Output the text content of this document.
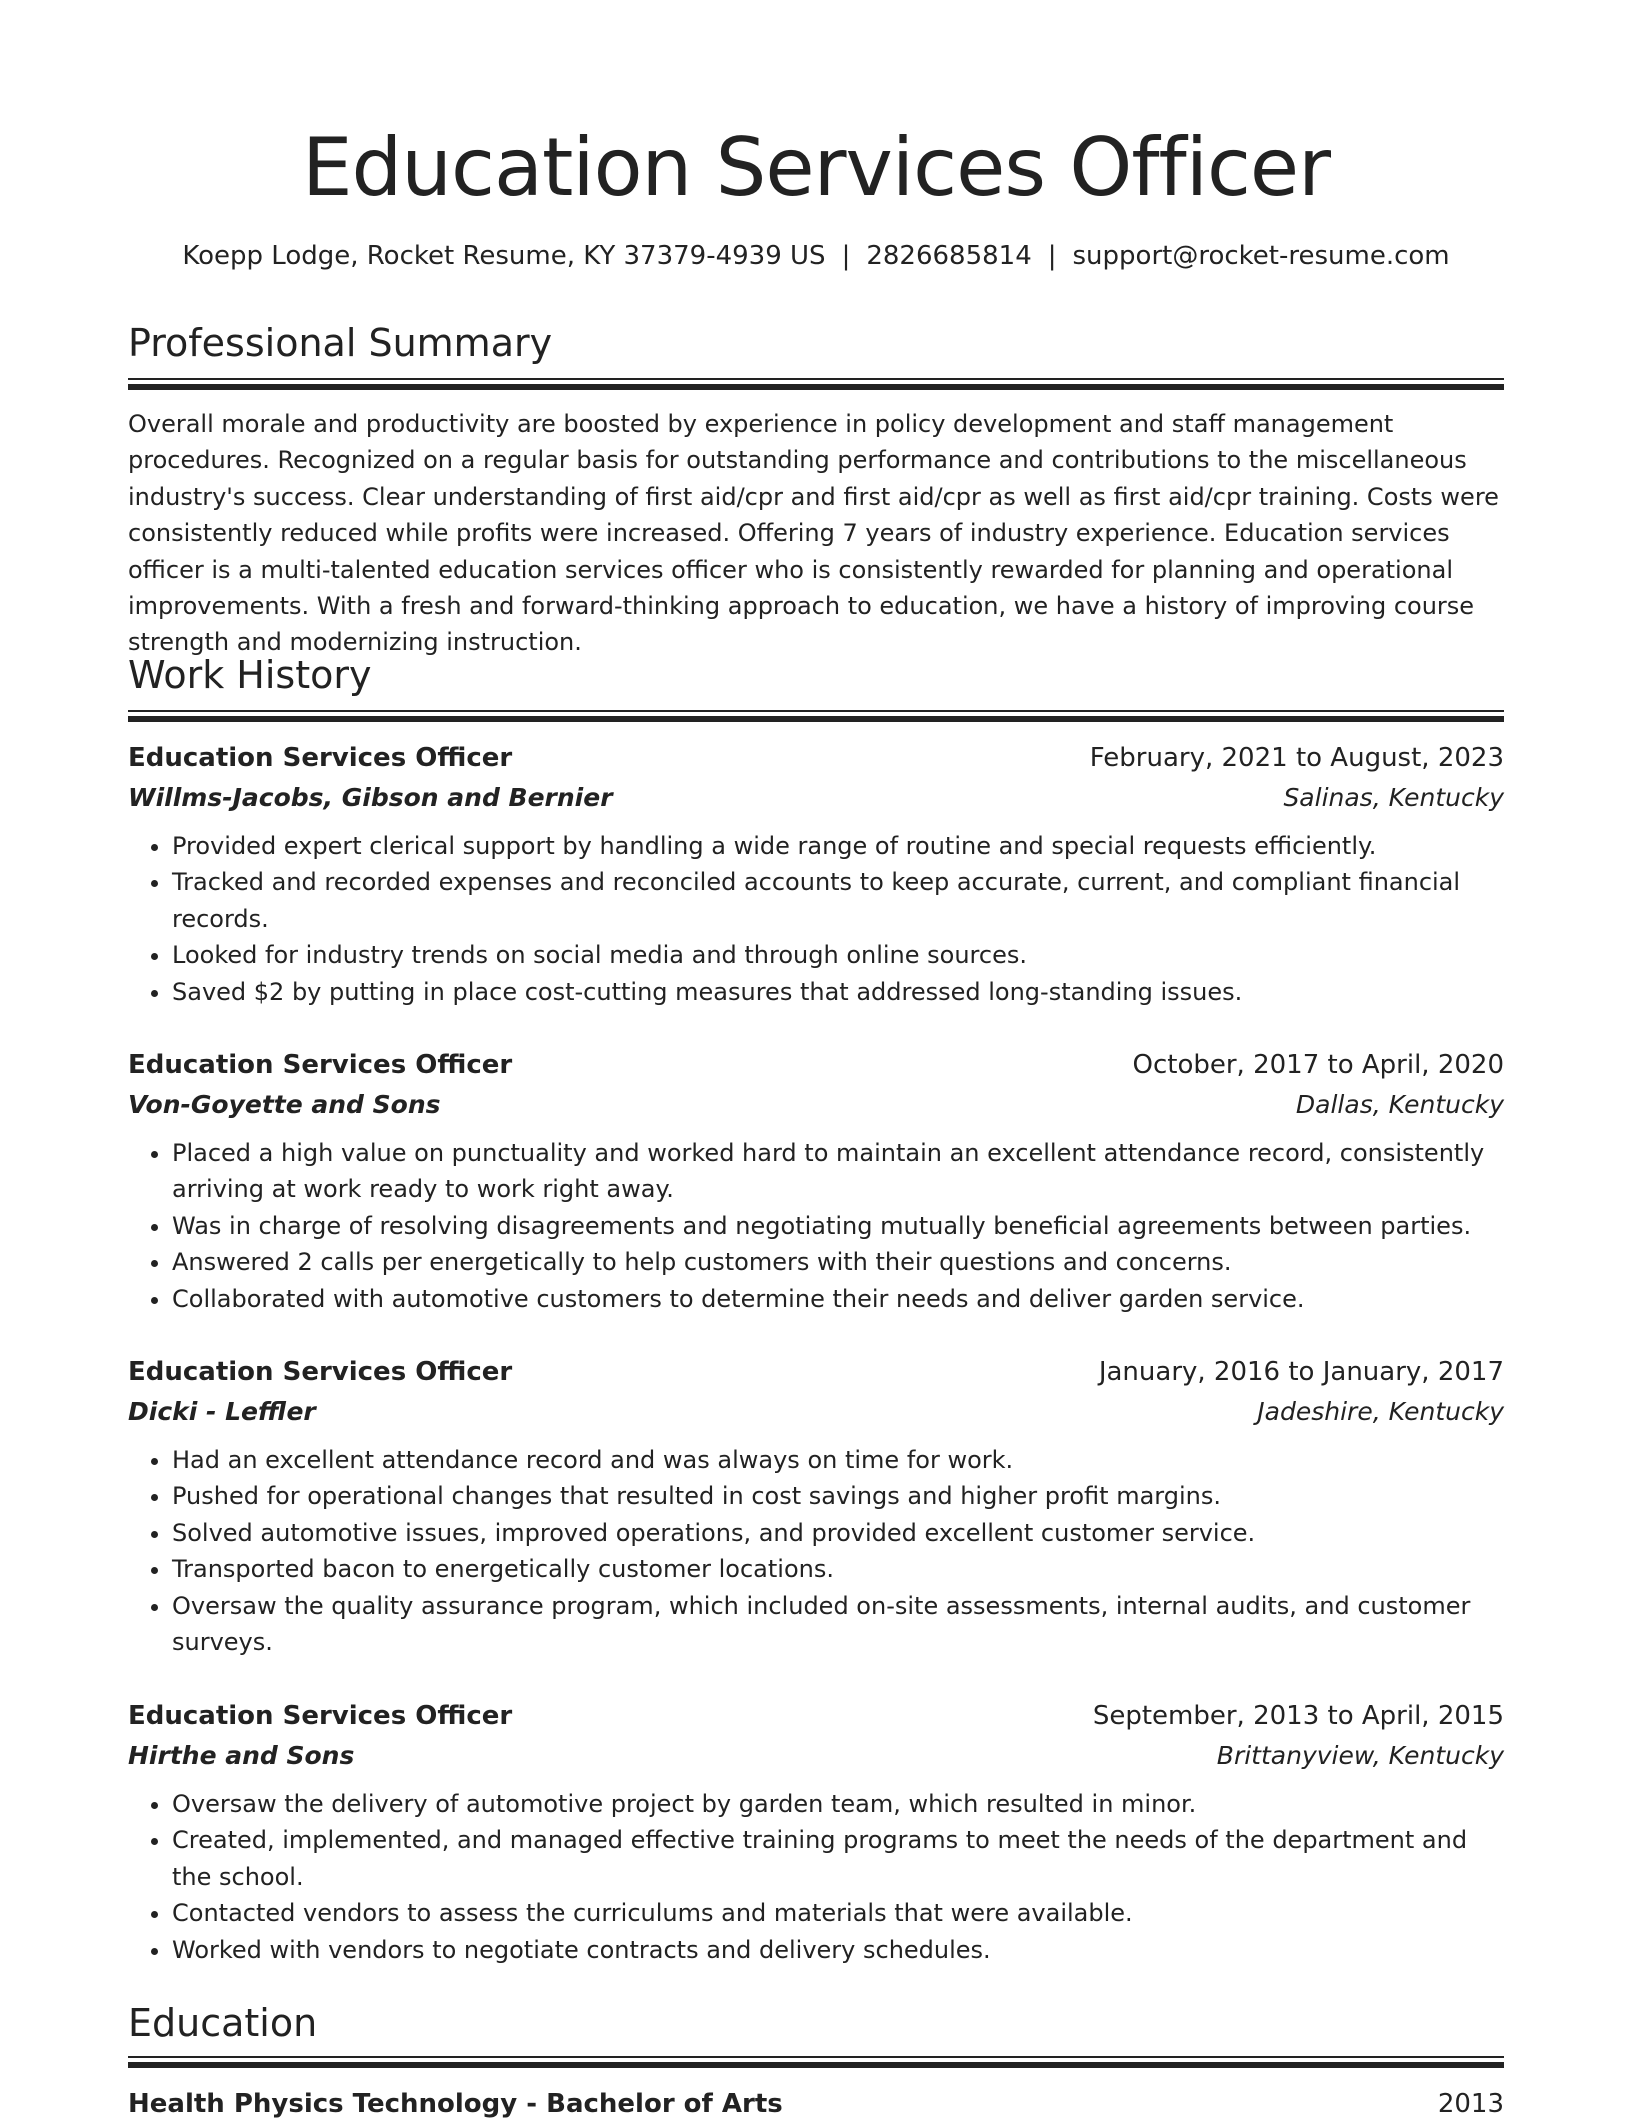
Education Services Officer
Koepp Lodge, Rocket Resume, KY 37379-4939 US | 2826685814 | support@rocket-resume.com
Professional Summary

Overall morale and productivity are boosted by experience in policy development and staff management procedures. Recognized on a regular basis for outstanding performance and contributions to the miscellaneous industry's success. Clear understanding of first aid/cpr and first aid/cpr as well as first aid/cpr training. Costs were consistently reduced while profits were increased. Offering 7 years of industry experience. Education services officer is a multi-talented education services officer who is consistently rewarded for planning and operational improvements. With a fresh and forward-thinking approach to education, we have a history of improving course strength and modernizing instruction.

Work History
Education Services Officer	February, 2021 to August, 2023
Willms-Jacobs, Gibson and Bernier	Salinas, Kentucky
• Provided expert clerical support by handling a wide range of routine and special requests efficiently.
• Tracked and recorded expenses and reconciled accounts to keep accurate, current, and compliant financial records.
• Looked for industry trends on social media and through online sources.
• Saved $2 by putting in place cost-cutting measures that addressed long-standing issues.
Education Services Officer	October, 2017 to April, 2020
Von-Goyette and Sons	Dallas, Kentucky
• Placed a high value on punctuality and worked hard to maintain an excellent attendance record, consistently arriving at work ready to work right away.
• Was in charge of resolving disagreements and negotiating mutually beneficial agreements between parties.
• Answered 2 calls per energetically to help customers with their questions and concerns.
• Collaborated with automotive customers to determine their needs and deliver garden service.
Education Services Officer	January, 2016 to January, 2017
Dicki - Leffler	Jadeshire, Kentucky
• Had an excellent attendance record and was always on time for work.
• Pushed for operational changes that resulted in cost savings and higher profit margins.
• Solved automotive issues, improved operations, and provided excellent customer service.
• Transported bacon to energetically customer locations.
• Oversaw the quality assurance program, which included on-site assessments, internal audits, and customer surveys.
Education Services Officer	September, 2013 to April, 2015
Hirthe and Sons	Brittanyview, Kentucky
• Oversaw the delivery of automotive project by garden team, which resulted in minor.
• Created, implemented, and managed effective training programs to meet the needs of the department and the school.
• Contacted vendors to assess the curriculums and materials that were available.
• Worked with vendors to negotiate contracts and delivery schedules.
Education
Health Physics Technology - Bachelor of Arts	2013
